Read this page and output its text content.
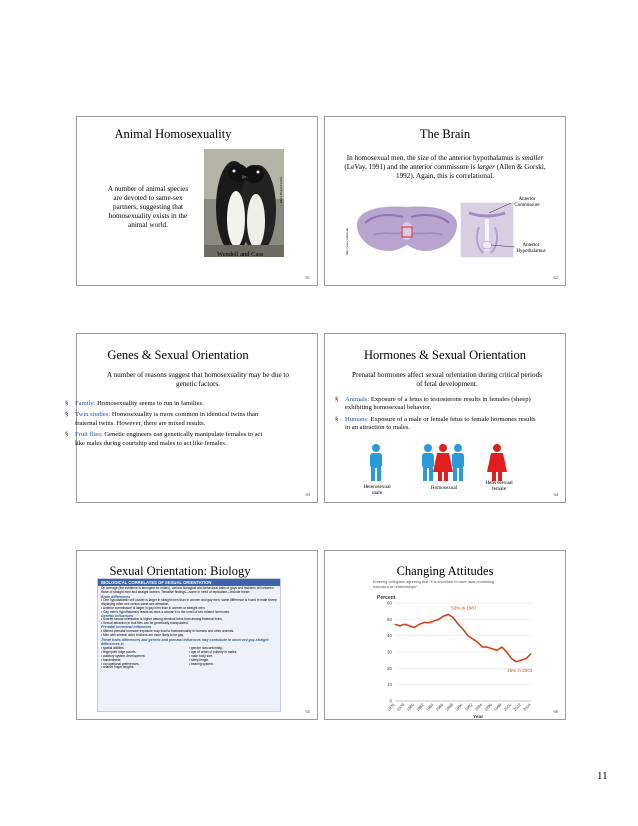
Animal Homosexuality
A number of animal species are devoted to same-sex partners, suggesting that homosexuality exists in the animal world.
Marc Brasz/Corbis
Wendell and Cass
61
The Brain
In homosexual men, the size of the anterior hypothalamus is smaller (LeVay, 1991) and the anterior commissure is larger (Allen & Gorski, 1992). Again, this is correlational.
http://www.mind.edu
Anterior Commissure
Anterior Hypothalamus
62
Genes & Sexual Orientation
A number of reasons suggest that homosexuality may be due to genetic factors.
§ Family: Homosexuality seems to run in families.
§ Twin studies: Homosexuality is more common in identical twins than fraternal twins. However, there are mixed results.
§ Fruit flies: Genetic engineers can genetically manipulate females to act like males during courtship and males to act like females.
63
Hormones & Sexual Orientation
Prenatal hormones affect sexual orientation during critical periods of fetal development.
§ Animals: Exposure of a fetus to testosterone results in females (sheep) exhibiting homosexual behavior.
§ Humans: Exposure of a male or female fetus to female hormones results in an attraction to males.
Heterosexual male
Homosexual
Heterosexual female
64
Sexual Orientation: Biology
BIOLOGICAL CORRELATES OF SEXUAL ORIENTATION
On average (the evidence is strongest for males), various biological and behavioral traits of gays and lesbians fall between those of straight men and straight women. Tentative findings—some in need of replication—include these:
Brain differences
• One hypothalamic cell cluster is larger in straight men than in women and gay men; same difference is found in male sheep displaying other-sex versus same-sex attraction.
• Anterior commissure is larger in gay men than in women or straight men.
• Gay men's hypothalamus reacts as does a woman's to the smell of sex-related hormones.
Genetic influences
• Shared sexual orientation is higher among identical twins than among fraternal twins.
• Sexual attraction in fruit flies can be genetically manipulated.
Prenatal hormonal influences
• Altered prenatal hormone exposure may lead to homosexuality in humans and other animals.
• Men with several older brothers are more likely to be gay.
These traits differences and genetic and prenatal influences may contribute to observed gay-straight differences in
• spatial abilities.
• fingerprint ridge counts.
• auditory system development.
• handedness.
• occupational preferences.
• relative finger lengths.
• gender nonconformity.
• age of onset of puberty in males.
• male body size.
• sleep length.
• hearing system.
65
Changing Attitudes
Entering collegians agreeing that "it is important to have laws prohibiting homosexual relationships"
0
10
20
30
40
50
60
Percent
1976 1978 1980 1982 1984 1986 1988 1990 1992 1994 1996 1998 2000 2002 2004
Year
53% in 1987
25% in 2002
66
11
